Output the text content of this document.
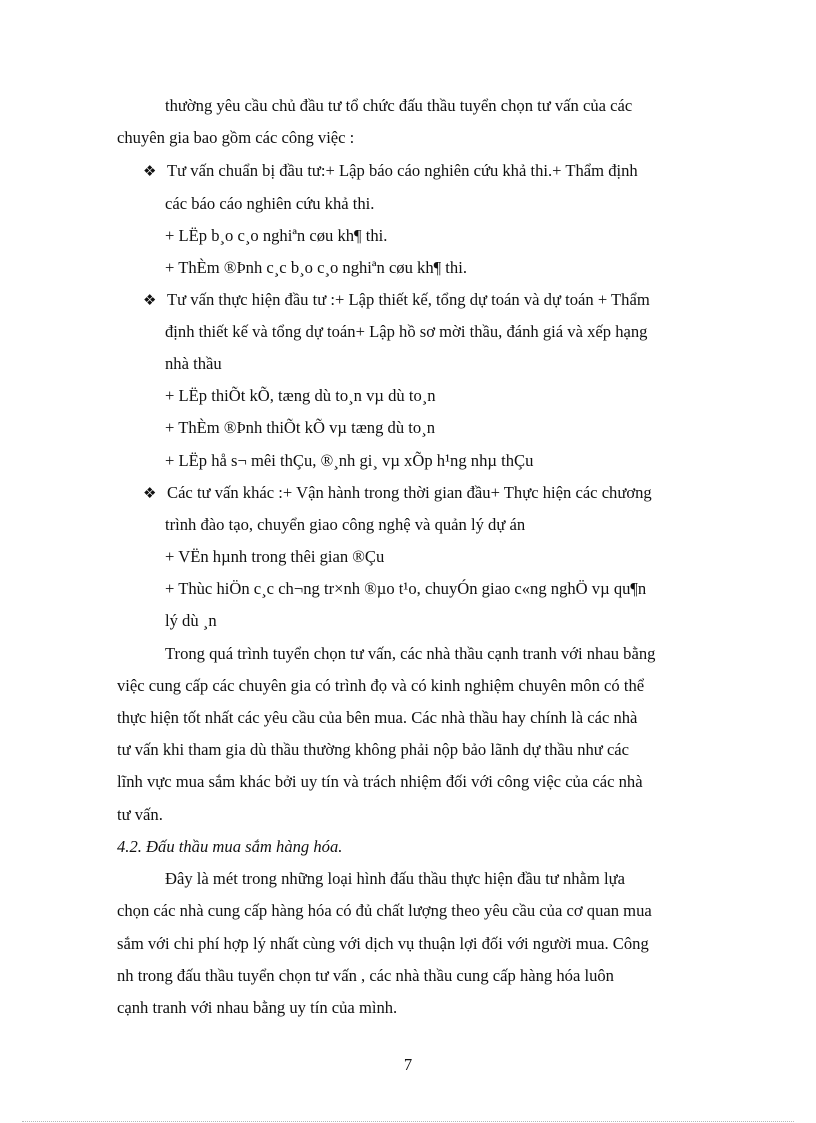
thường yêu cầu chủ đầu tư tổ chức đấu thầu tuyển chọn tư vấn của các
chuyên gia bao gồm các công việc :
❖ Tư vấn chuẩn bị đầu tư:+ Lập báo cáo nghiên cứu khả thi.+ Thẩm định
các báo cáo nghiên cứu khả thi.
+ LËp b¸o c¸o nghiªn cøu kh¶ thi.
+ ThÈm ®Þnh c¸c b¸o c¸o nghiªn cøu kh¶ thi.
❖ Tư vấn thực hiện đầu tư :+ Lập thiết kế, tổng dự toán và dự toán + Thẩm
định thiết kế và tổng dự toán+ Lập hồ sơ mời thầu, đánh giá và xếp hạng
nhà thầu
+ LËp thiÕt kÕ, tæng dù to¸n vµ dù to¸n
+ ThÈm ®Þnh thiÕt kÕ vµ tæng dù to¸n
+ LËp hå s¬ mêi thÇu, ®¸nh gi¸ vµ xÕp h¹ng nhµ thÇu
❖ Các tư vấn khác :+ Vận hành trong thời gian đầu+ Thực hiện các chương
trình đào tạo, chuyển giao công nghệ và quản lý dự án
+ VËn hµnh trong thêi gian ®Çu
+ Thùc hiÖn c¸c ch¬ng tr×nh ®µo t¹o, chuyÓn giao c«ng nghÖ vµ qu¶n
lý dù ¸n
Trong quá trình tuyển chọn tư vấn, các nhà thầu cạnh tranh với nhau bằng
việc cung cấp các chuyên gia có trình đọ và có kinh nghiệm chuyên môn có thể
thực hiện tốt nhất các yêu cầu của bên mua. Các nhà thầu hay chính là các nhà
tư vấn khi tham gia dù thầu thường không phải nộp bảo lãnh dự thầu như các
lĩnh vực mua sắm khác bởi uy tín và trách nhiệm đối với công việc của các nhà
tư vấn.
4.2. Đấu thầu mua sắm hàng hóa.
Đây là mét trong những loại hình đấu thầu thực hiện đầu tư nhằm lựa
chọn các nhà cung cấp hàng hóa có đủ chất lượng theo yêu cầu của cơ quan mua
sắm với chi phí hợp lý nhất cùng với dịch vụ thuận lợi đối với người mua. Công
nh trong đấu thầu tuyển chọn tư vấn , các nhà thầu cung cấp hàng hóa luôn
cạnh tranh với nhau bằng uy tín của mình.
7
